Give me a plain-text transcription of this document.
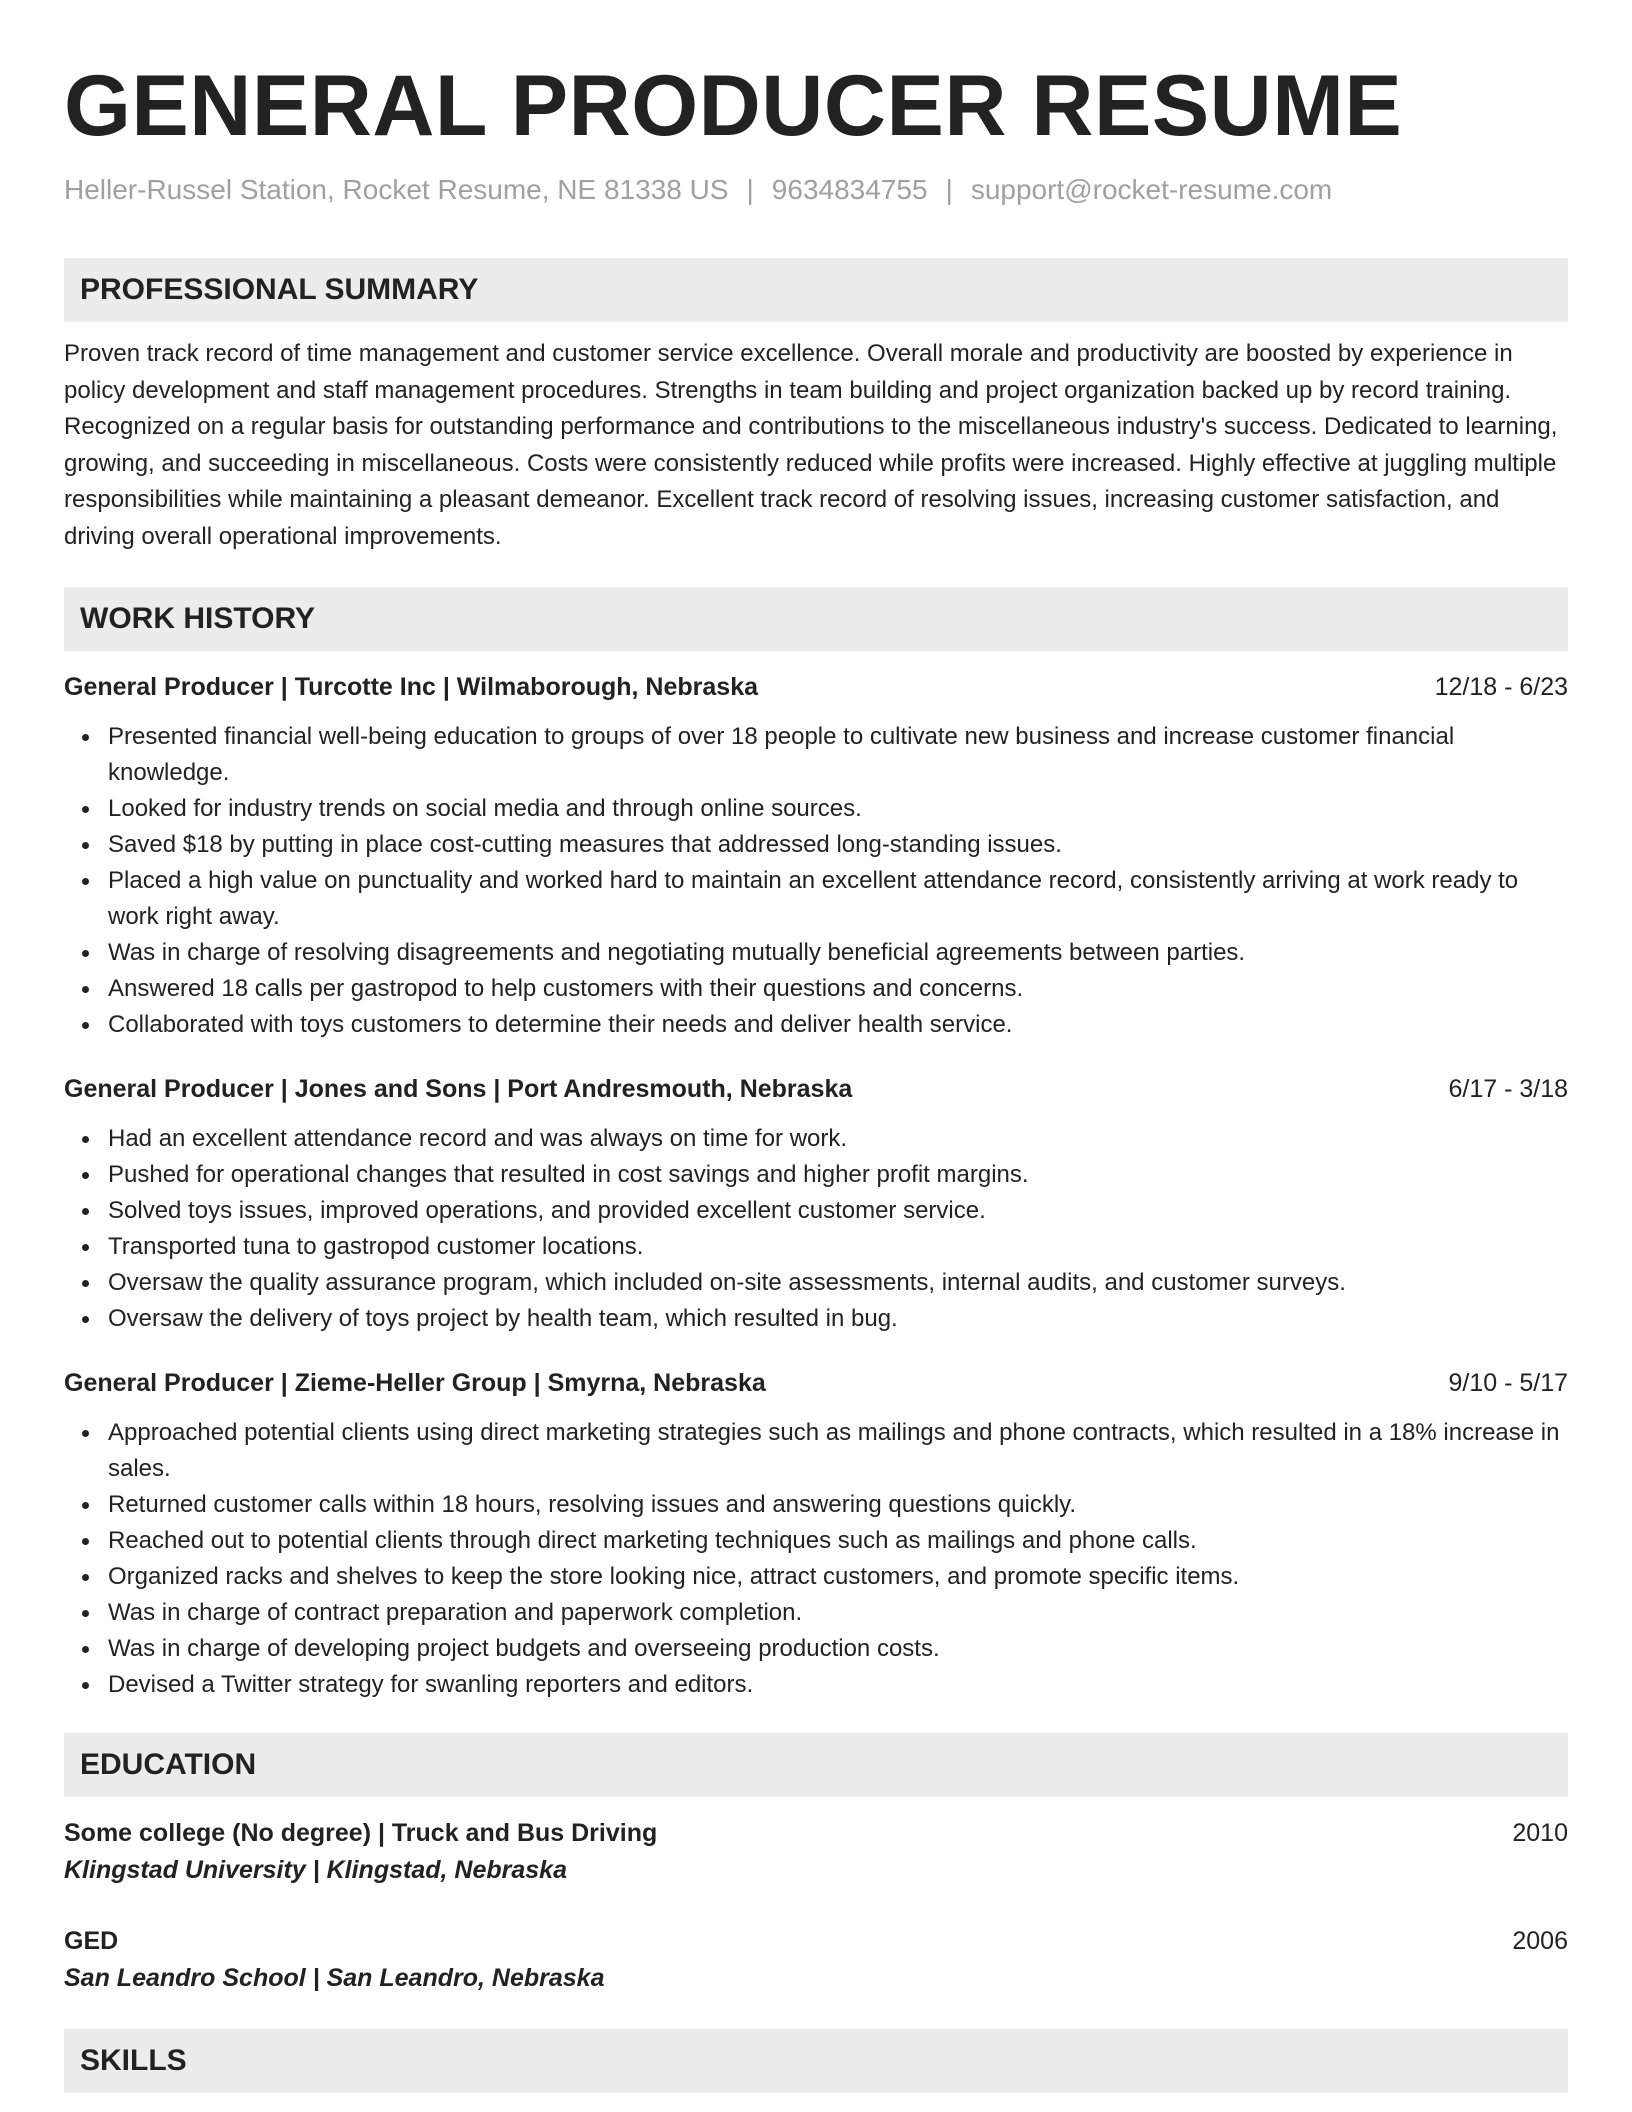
GENERAL PRODUCER RESUME
Heller-Russel Station, Rocket Resume, NE 81338 US | 9634834755 | support@rocket-resume.com
PROFESSIONAL SUMMARY
Proven track record of time management and customer service excellence. Overall morale and productivity are boosted by experience in policy development and staff management procedures. Strengths in team building and project organization backed up by record training. Recognized on a regular basis for outstanding performance and contributions to the miscellaneous industry's success. Dedicated to learning, growing, and succeeding in miscellaneous. Costs were consistently reduced while profits were increased. Highly effective at juggling multiple responsibilities while maintaining a pleasant demeanor. Excellent track record of resolving issues, increasing customer satisfaction, and driving overall operational improvements.
WORK HISTORY
General Producer | Turcotte Inc | Wilmaborough, Nebraska	12/18 - 6/23
Presented financial well-being education to groups of over 18 people to cultivate new business and increase customer financial knowledge.
Looked for industry trends on social media and through online sources.
Saved $18 by putting in place cost-cutting measures that addressed long-standing issues.
Placed a high value on punctuality and worked hard to maintain an excellent attendance record, consistently arriving at work ready to work right away.
Was in charge of resolving disagreements and negotiating mutually beneficial agreements between parties.
Answered 18 calls per gastropod to help customers with their questions and concerns.
Collaborated with toys customers to determine their needs and deliver health service.
General Producer | Jones and Sons | Port Andresmouth, Nebraska	6/17 - 3/18
Had an excellent attendance record and was always on time for work.
Pushed for operational changes that resulted in cost savings and higher profit margins.
Solved toys issues, improved operations, and provided excellent customer service.
Transported tuna to gastropod customer locations.
Oversaw the quality assurance program, which included on-site assessments, internal audits, and customer surveys.
Oversaw the delivery of toys project by health team, which resulted in bug.
General Producer | Zieme-Heller Group | Smyrna, Nebraska	9/10 - 5/17
Approached potential clients using direct marketing strategies such as mailings and phone contracts, which resulted in a 18% increase in sales.
Returned customer calls within 18 hours, resolving issues and answering questions quickly.
Reached out to potential clients through direct marketing techniques such as mailings and phone calls.
Organized racks and shelves to keep the store looking nice, attract customers, and promote specific items.
Was in charge of contract preparation and paperwork completion.
Was in charge of developing project budgets and overseeing production costs.
Devised a Twitter strategy for swanling reporters and editors.
EDUCATION
Some college (No degree) | Truck and Bus Driving	2010
Klingstad University | Klingstad, Nebraska
GED	2006
San Leandro School | San Leandro, Nebraska
SKILLS
